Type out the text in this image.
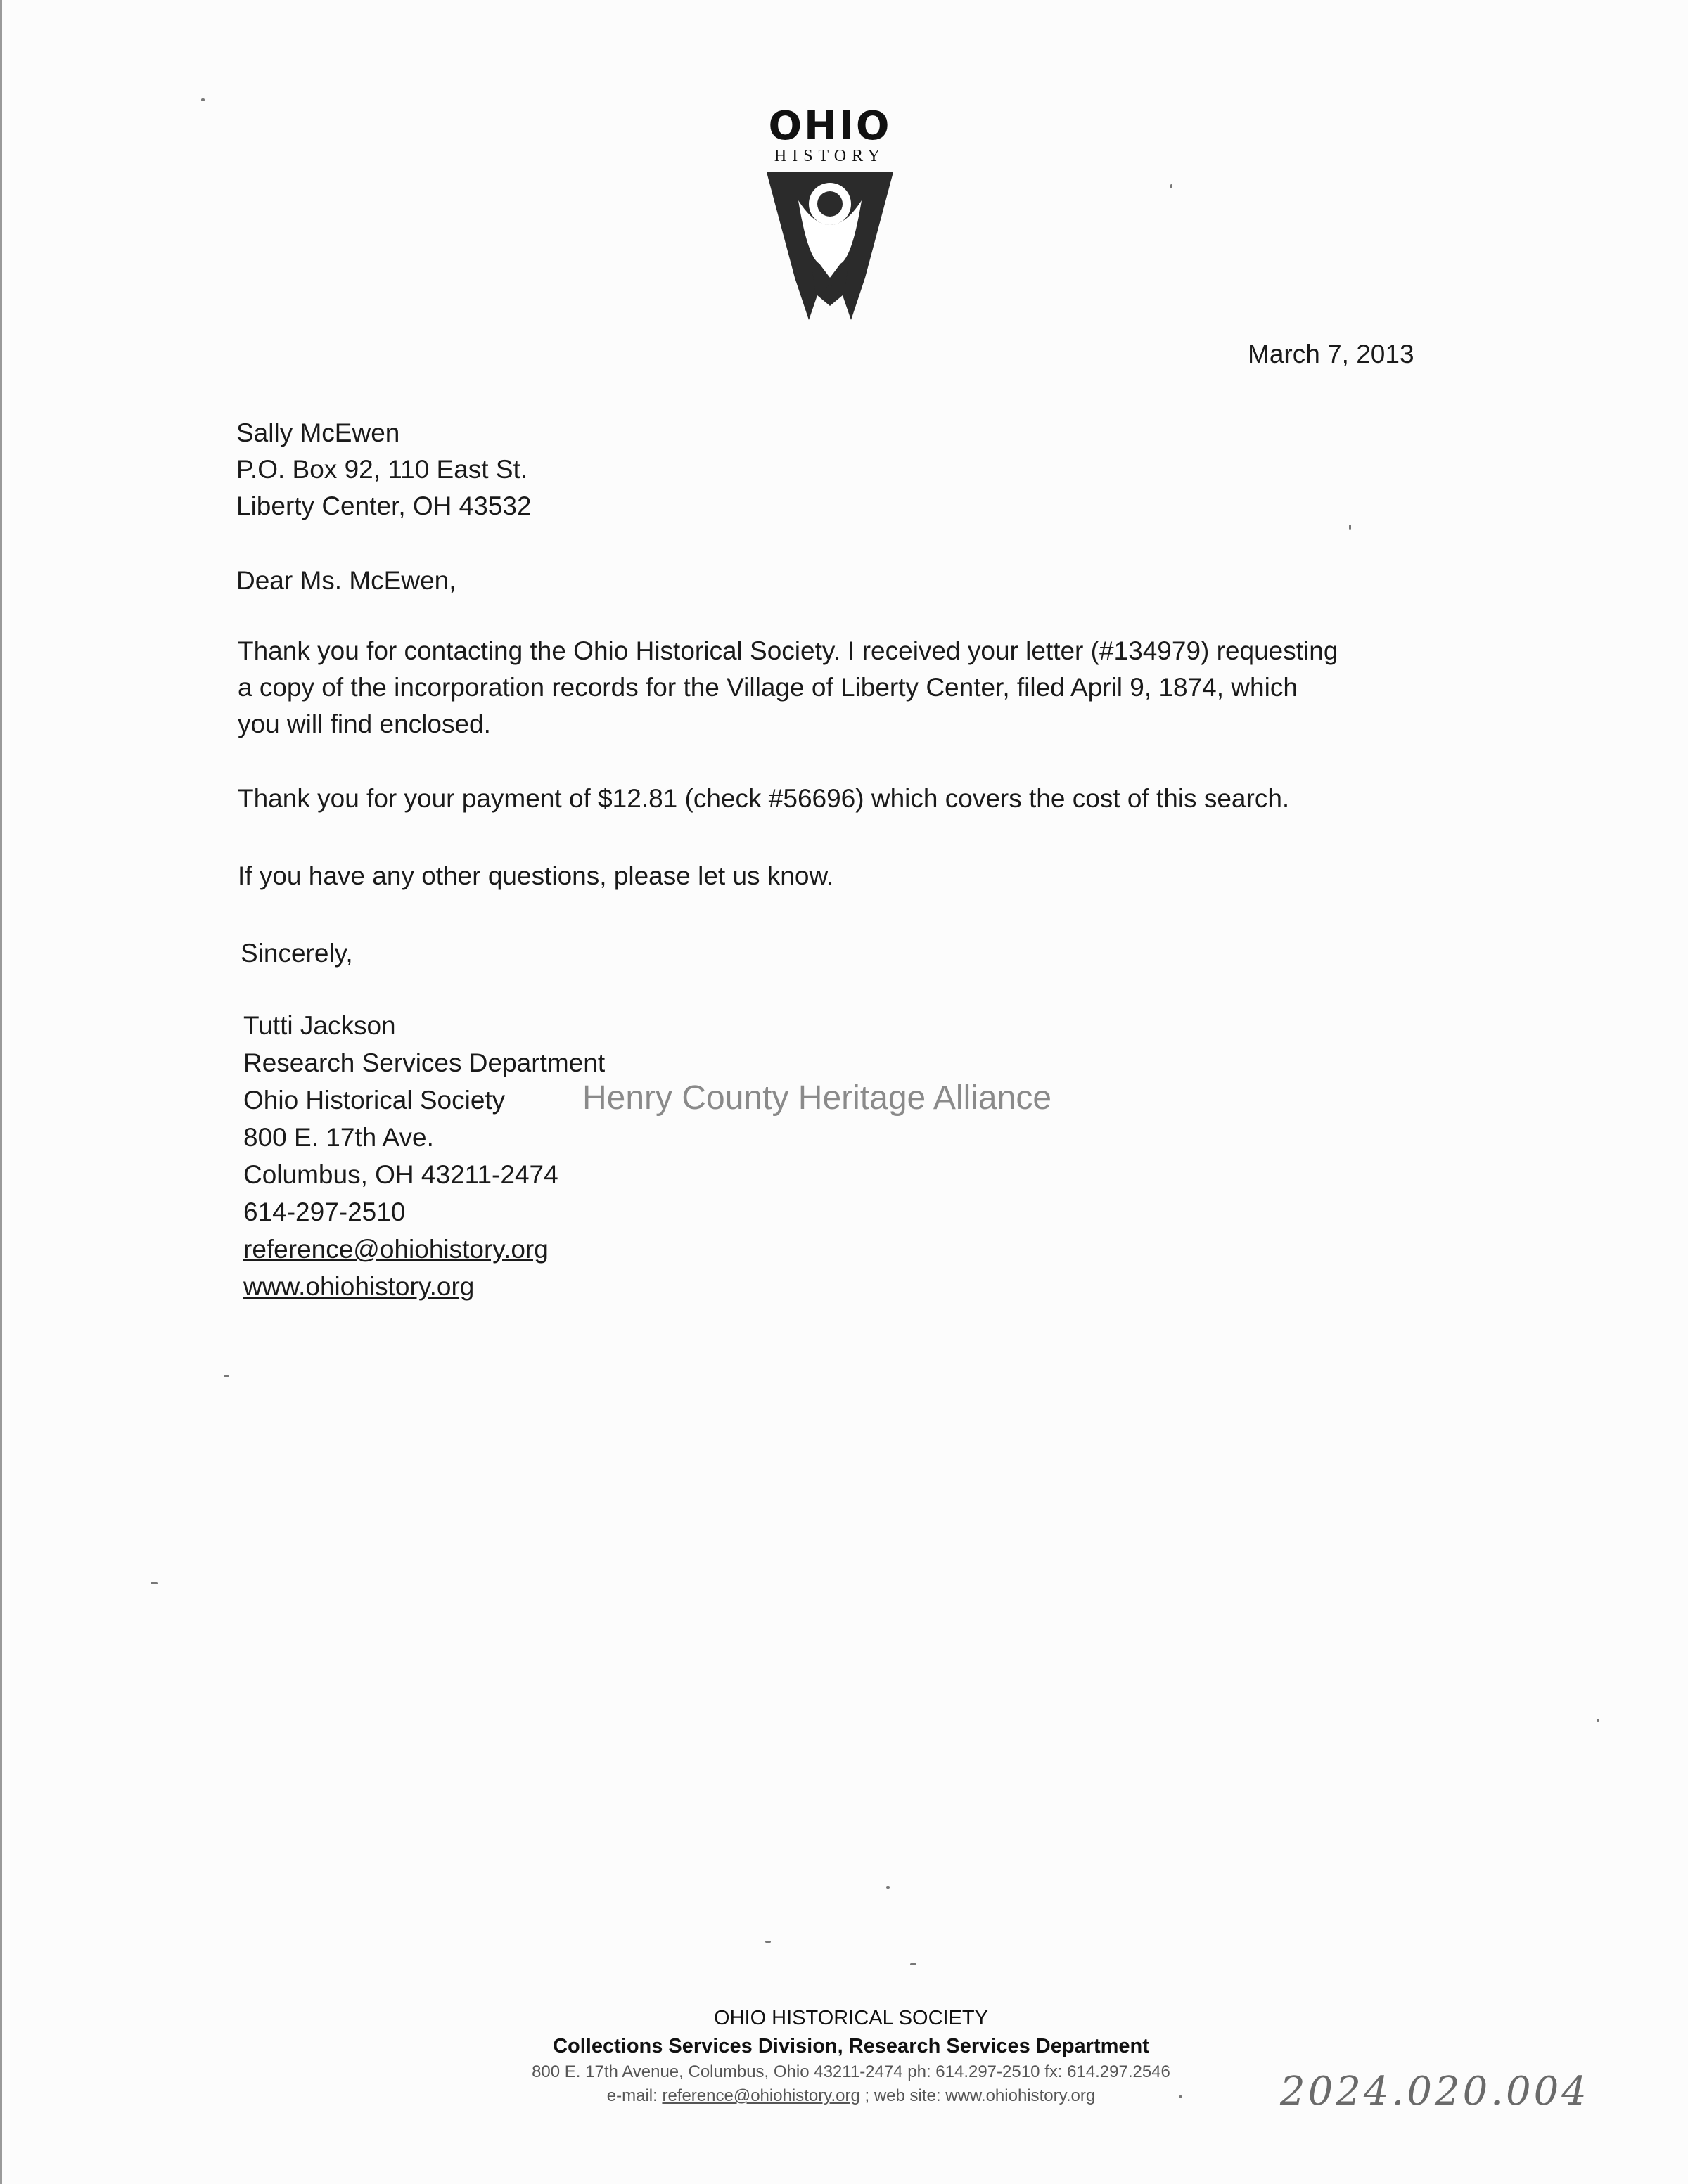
OHIO
HISTORY
March 7, 2013
Sally McEwen
P.O. Box 92, 110 East St.
Liberty Center, OH 43532
Dear Ms. McEwen,
Thank you for contacting the Ohio Historical Society. I received your letter (#134979) requesting
a copy of the incorporation records for the Village of Liberty Center, filed April 9, 1874, which
you will find enclosed.
Thank you for your payment of $12.81 (check #56696) which covers the cost of this search.
If you have any other questions, please let us know.
Sincerely,
Tutti Jackson
Research Services Department
Ohio Historical Society
800 E. 17th Ave.
Columbus, OH 43211-2474
614-297-2510
reference@ohiohistory.org
www.ohiohistory.org
Henry County Heritage Alliance
OHIO HISTORICAL SOCIETY
Collections Services Division, Research Services Department
800 E. 17th Avenue, Columbus, Ohio 43211-2474 ph: 614.297-2510 fx: 614.297.2546
e-mail: reference@ohiohistory.org ; web site: www.ohiohistory.org	2024.020.004
